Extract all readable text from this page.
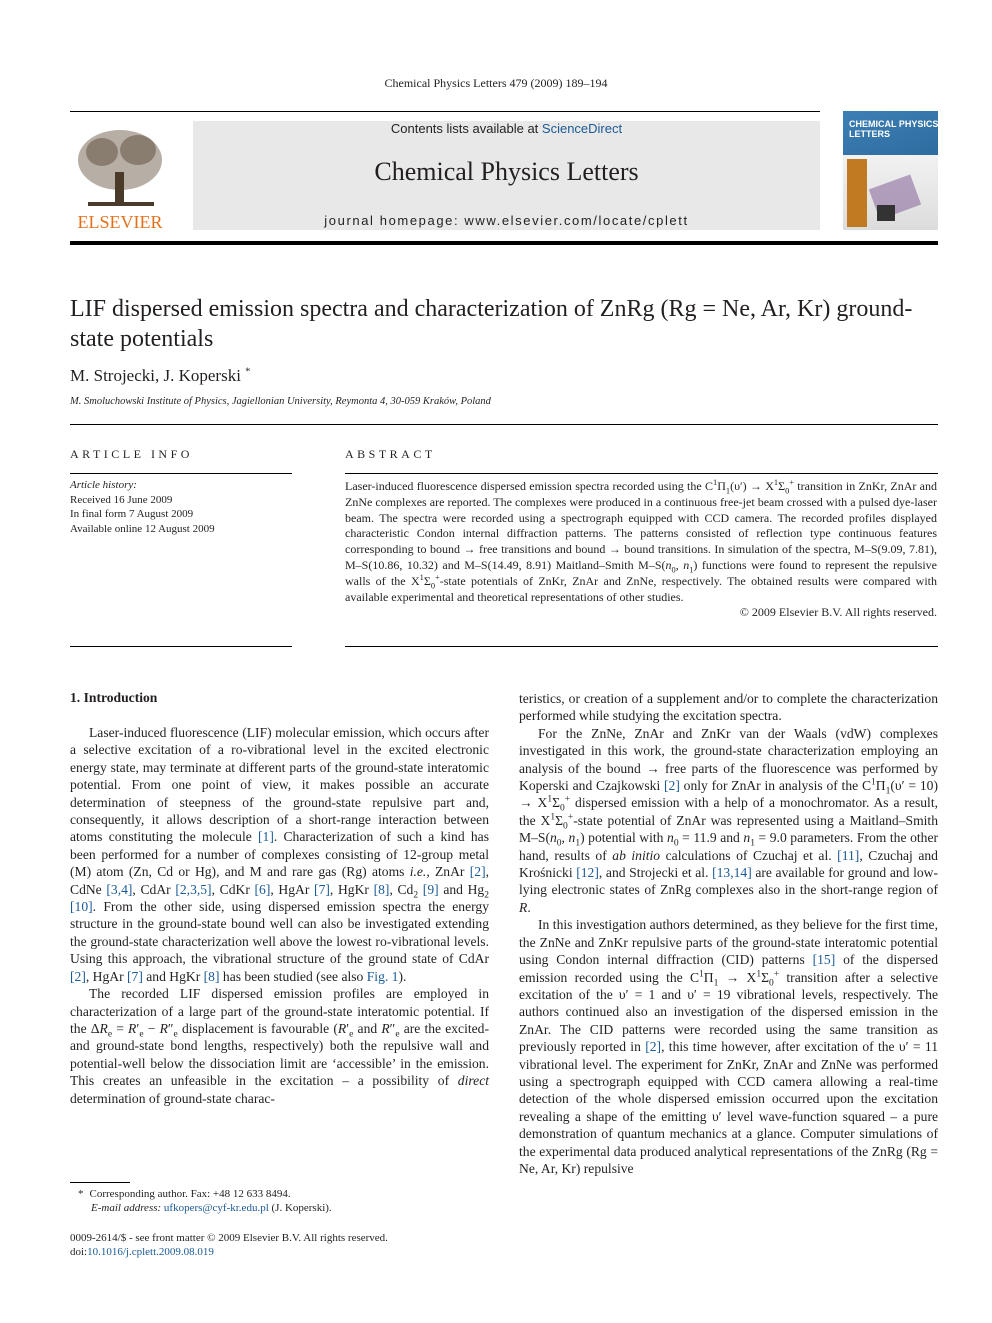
Chemical Physics Letters 479 (2009) 189–194
ELSEVIER
Contents lists available at ScienceDirect
Chemical Physics Letters
journal homepage: www.elsevier.com/locate/cplett
CHEMICAL PHYSICS LETTERS
LIF dispersed emission spectra and characterization of ZnRg (Rg = Ne, Ar, Kr) ground-state potentials
M. Strojecki, J. Koperski *
M. Smoluchowski Institute of Physics, Jagiellonian University, Reymonta 4, 30-059 Kraków, Poland
ARTICLE INFO
Article history:
Received 16 June 2009
In final form 7 August 2009
Available online 12 August 2009
ABSTRACT
Laser-induced fluorescence dispersed emission spectra recorded using the $C^1\Pi_1(\upsilon') \to X^1\Sigma_0^+$ transition in ZnKr, ZnAr and ZnNe complexes are reported. The complexes were produced in a continuous free-jet beam crossed with a pulsed dye-laser beam. The spectra were recorded using a spectrograph equipped with CCD camera. The recorded profiles displayed characteristic Condon internal diffraction patterns. The patterns consisted of reflection type continuous features corresponding to bound → free transitions and bound → bound transitions. In simulation of the spectra, M–S(9.09, 7.81), M–S(10.86, 10.32) and M–S(14.49, 8.91) Maitland–Smith $M-S(n_0$, $n_1$) functions were found to represent the repulsive walls of the $X^1\Sigma_0^+$-state potentials of ZnKr, ZnAr and ZnNe, respectively. The obtained results were compared with available experimental and theoretical representations of other studies.
© 2009 Elsevier B.V. All rights reserved.
1. Introduction

Laser-induced fluorescence (LIF) molecular emission, which occurs after a selective excitation of a ro-vibrational level in the excited electronic energy state, may terminate at different parts of the ground-state interatomic potential. From one point of view, it makes possible an accurate determination of steepness of the ground-state repulsive part and, consequently, it allows description of a short-range interaction between atoms constituting the molecule [1]. Characterization of such a kind has been performed for a number of complexes consisting of 12-group metal (M) atom (Zn, Cd or Hg), and M and rare gas (Rg) atoms i.e., ZnAr [2], CdNe [3,4], CdAr [2,3,5], CdKr [6], HgAr [7], HgKr [8], $Cd_2$ [9] and $Hg_2$ [10]. From the other side, using dispersed emission spectra the energy structure in the ground-state bound well can also be investigated extending the ground-state characterization well above the lowest ro-vibrational levels. Using this approach, the vibrational structure of the ground state of CdAr [2], HgAr [7] and HgKr [8] has been studied (see also Fig. 1).

The recorded LIF dispersed emission profiles are employed in characterization of a large part of the ground-state interatomic potential. If the $\Delta R_e = R'_e - R''_e$ displacement is favourable ($R'_e$ and $R''_e$ are the excited- and ground-state bond lengths, respectively) both the repulsive wall and potential-well below the dissociation limit are ‘accessible’ in the emission. This creates an unfeasible in the excitation – a possibility of direct determination of ground-state charac-

* Corresponding author. Fax: +48 12 633 8494.
E-mail address: ufkopers@cyf-kr.edu.pl (J. Koperski).
0009-2614/$ - see front matter © 2009 Elsevier B.V. All rights reserved.
doi:10.1016/j.cplett.2009.08.019

teristics, or creation of a supplement and/or to complete the characterization performed while studying the excitation spectra.

For the ZnNe, ZnAr and ZnKr van der Waals (vdW) complexes investigated in this work, the ground-state characterization employing an analysis of the bound → free parts of the fluorescence was performed by Koperski and Czajkowski [2] only for ZnAr in analysis of the $C^1\Pi_1(\upsilon' = 10) \to X^1\Sigma_0^+$ dispersed emission with a help of a monochromator. As a result, the $X^1\Sigma_0^+$-state potential of ZnAr was represented using a Maitland–Smith $M-S(n_0$, $n_1$) potential with $n_0 = 11.9$ and $n_1 = 9.0$ parameters. From the other hand, results of ab initio calculations of Czuchaj et al. [11], Czuchaj and Krośnicki [12], and Strojecki et al. [13,14] are available for ground and low-lying electronic states of ZnRg complexes also in the short-range region of R.

In this investigation authors determined, as they believe for the first time, the ZnNe and ZnKr repulsive parts of the ground-state interatomic potential using Condon internal diffraction (CID) patterns [15] of the dispersed emission recorded using the $C^1\Pi_1 \to X^1\Sigma_0^+$ transition after a selective excitation of the υ′ = 1 and υ′ = 19 vibrational levels, respectively. The authors continued also an investigation of the dispersed emission in the ZnAr. The CID patterns were recorded using the same transition as previously reported in [2], this time however, after excitation of the υ′ = 11 vibrational level. The experiment for ZnKr, ZnAr and ZnNe was performed using a spectrograph equipped with CCD camera allowing a real-time detection of the whole dispersed emission occurred upon the excitation revealing a shape of the emitting υ′ level wave-function squared – a pure demonstration of quantum mechanics at a glance. Computer simulations of the experimental data produced analytical representations of the ZnRg (Rg = Ne, Ar, Kr) repulsive
